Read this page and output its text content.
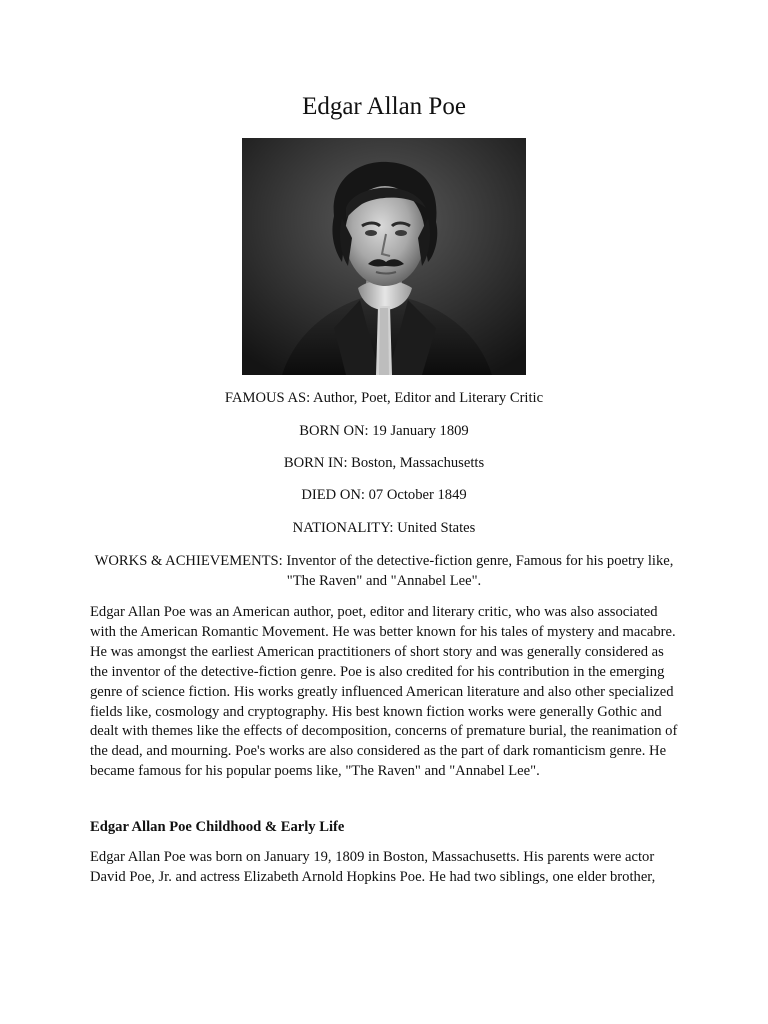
Edgar Allan Poe

FAMOUS AS: Author, Poet, Editor and Literary Critic

BORN ON: 19 January 1809

BORN IN: Boston, Massachusetts

DIED ON: 07 October 1849

NATIONALITY: United States

WORKS & ACHIEVEMENTS: Inventor of the detective-fiction genre, Famous for his poetry like, "The Raven" and "Annabel Lee".

Edgar Allan Poe was an American author, poet, editor and literary critic, who was also associated with the American Romantic Movement. He was better known for his tales of mystery and macabre. He was amongst the earliest American practitioners of short story and was generally considered as the inventor of the detective-fiction genre. Poe is also credited for his contribution in the emerging genre of science fiction. His works greatly influenced American literature and also other specialized fields like, cosmology and cryptography. His best known fiction works were generally Gothic and dealt with themes like the effects of decomposition, concerns of premature burial, the reanimation of the dead, and mourning. Poe's works are also considered as the part of dark romanticism genre. He became famous for his popular poems like, "The Raven" and "Annabel Lee".

Edgar Allan Poe Childhood & Early Life

Edgar Allan Poe was born on January 19, 1809 in Boston, Massachusetts. His parents were actor David Poe, Jr. and actress Elizabeth Arnold Hopkins Poe. He had two siblings, one elder brother,
